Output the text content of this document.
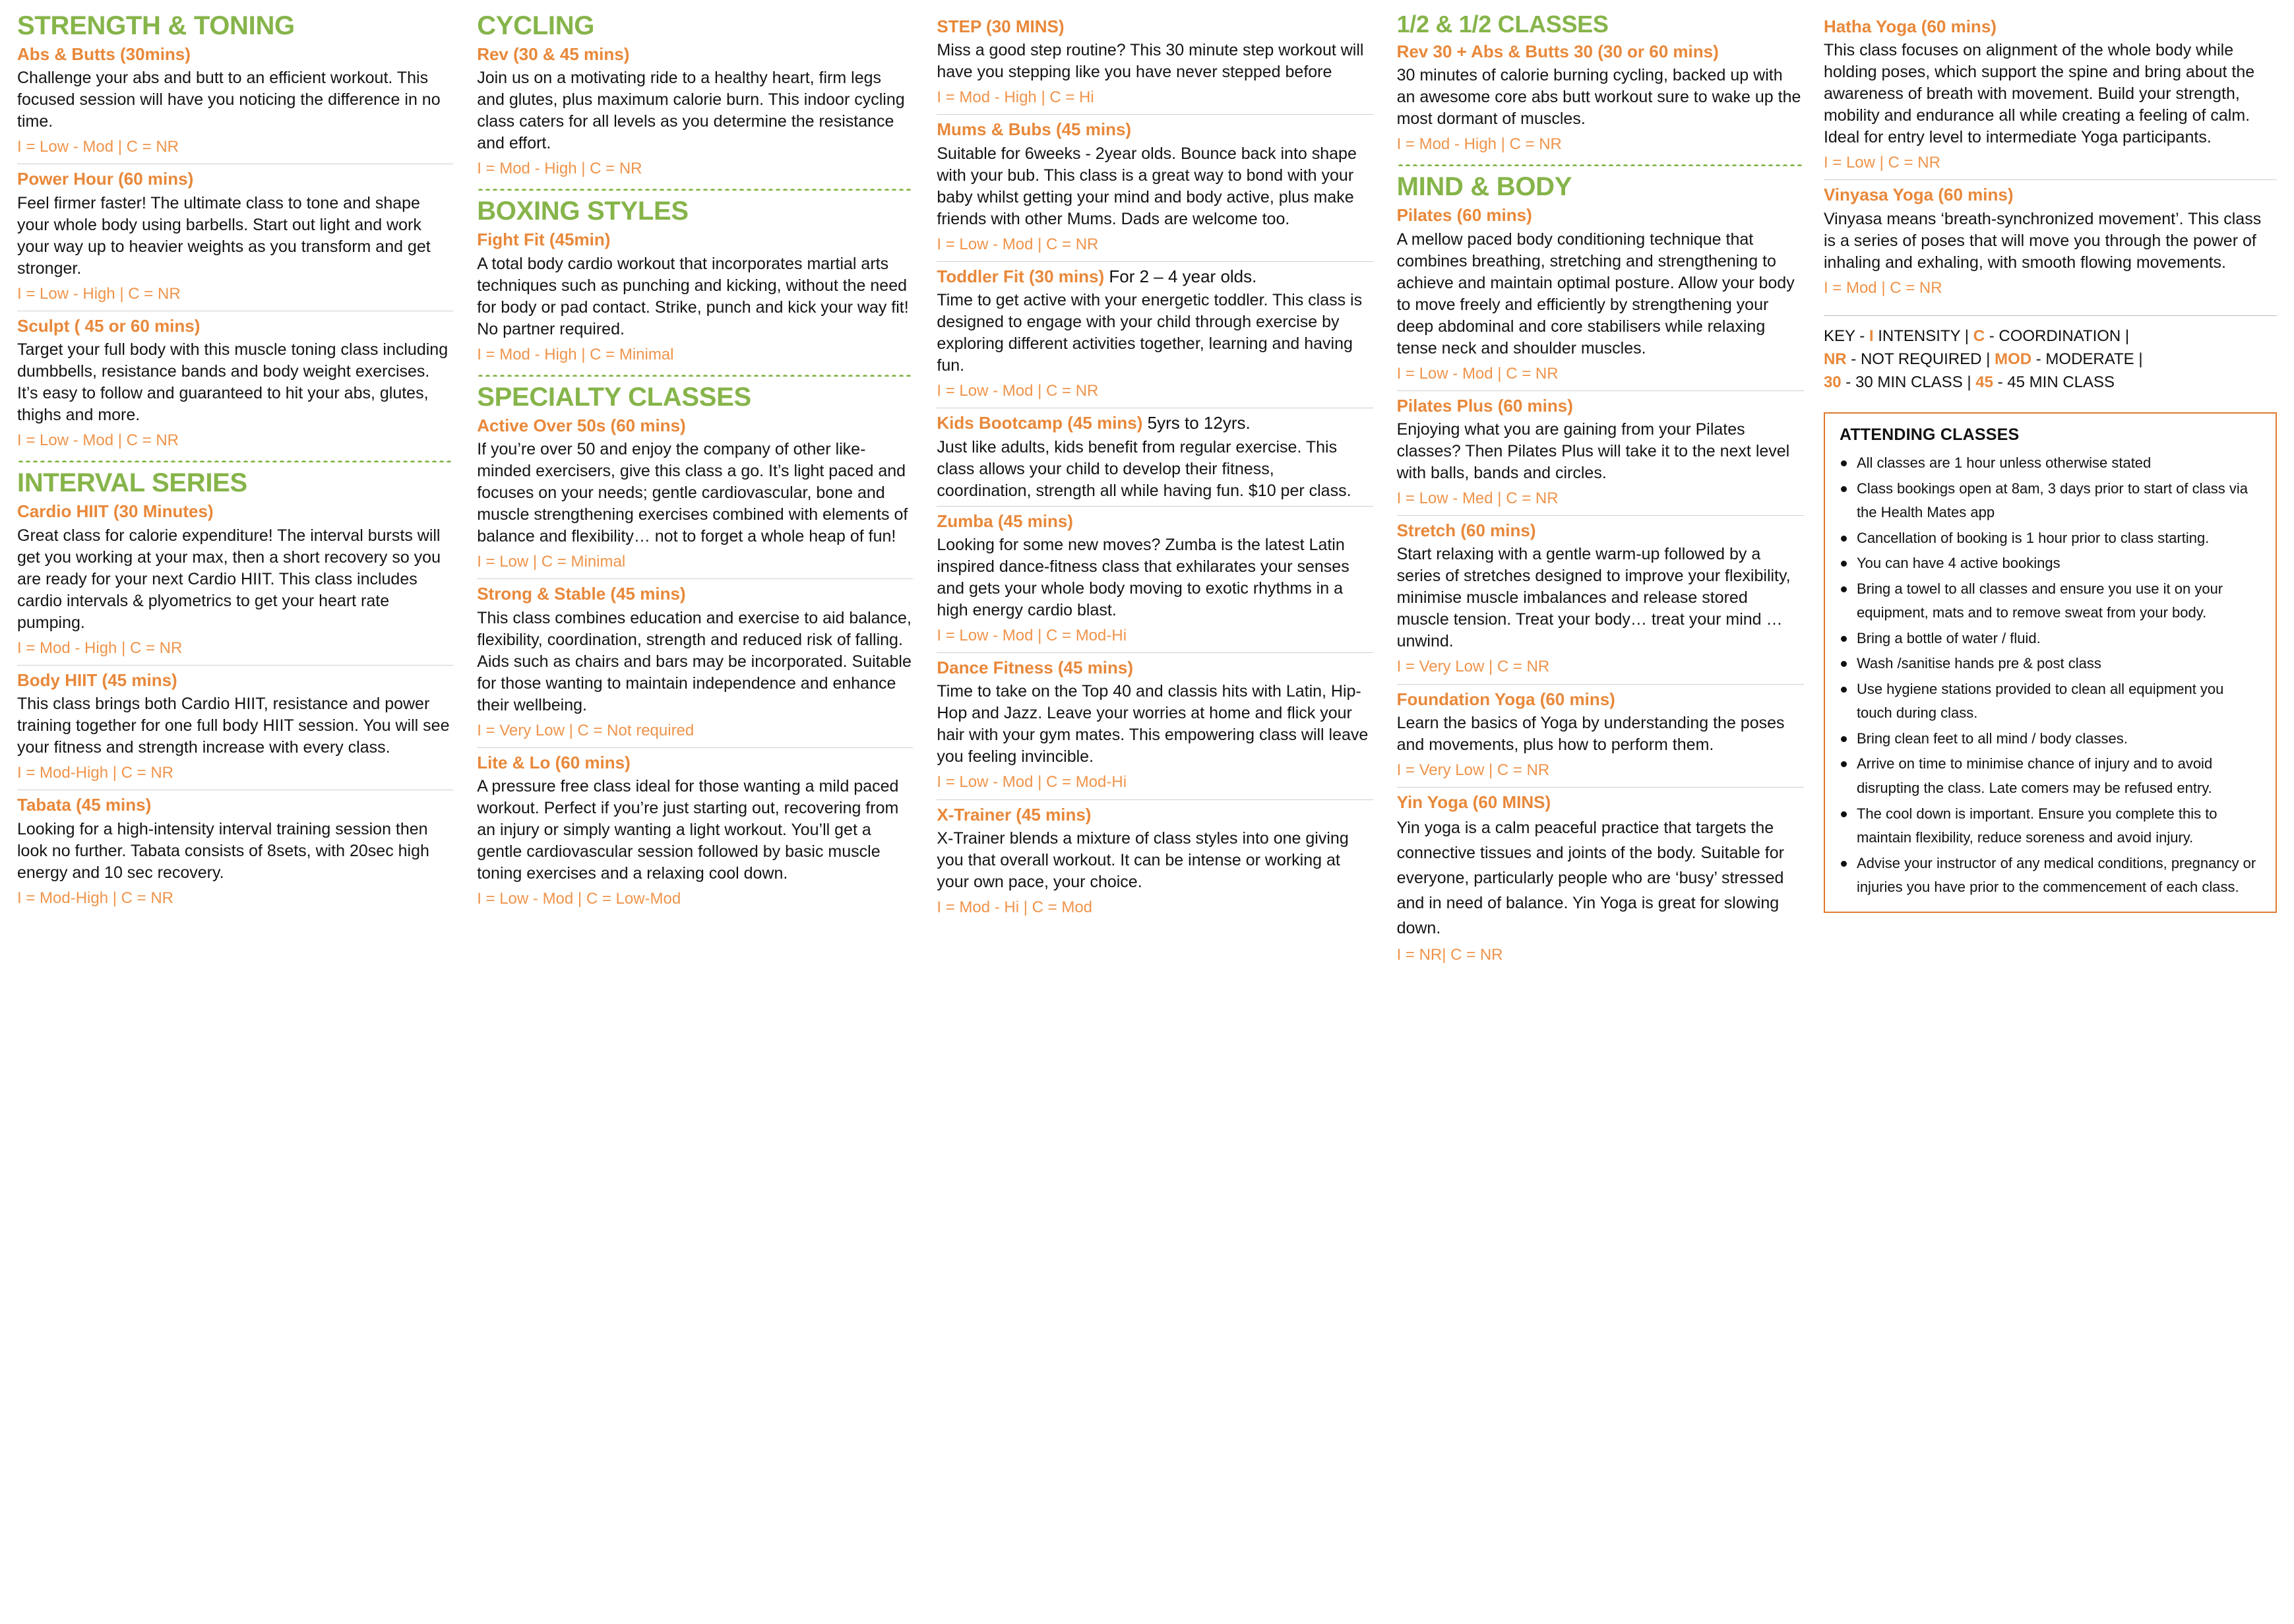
STRENGTH & TONING
Abs & Butts (30mins)
Challenge your abs and butt to an efficient workout. This focused session will have you noticing the difference in no time.
I = Low - Mod | C = NR
Power Hour (60 mins)
Feel firmer faster! The ultimate class to tone and shape your whole body using barbells. Start out light and work your way up to heavier weights as you transform and get stronger.
I = Low - High | C = NR
Sculpt ( 45 or 60 mins)
Target your full body with this muscle toning class including dumbbells, resistance bands and body weight exercises. It’s easy to follow and guaranteed to hit your abs, glutes, thighs and more.
I = Low - Mod | C = NR
INTERVAL SERIES
Cardio HIIT (30 Minutes)
Great class for calorie expenditure! The interval bursts will get you working at your max, then a short recovery so you are ready for your next Cardio HIIT. This class includes cardio intervals & plyometrics to get your heart rate pumping.
I = Mod - High | C = NR
Body HIIT (45 mins)
This class brings both Cardio HIIT, resistance and power training together for one full body HIIT session. You will see your fitness and strength increase with every class.
I = Mod-High | C = NR
Tabata (45 mins)
Looking for a high-intensity interval training session then look no further. Tabata consists of 8sets, with 20sec high energy and 10 sec recovery.
I = Mod-High | C = NR
CYCLING
Rev (30 & 45 mins)
Join us on a motivating ride to a healthy heart, firm legs and glutes, plus maximum calorie burn. This indoor cycling class caters for all levels as you determine the resistance and effort.
I = Mod - High | C = NR
BOXING STYLES
Fight Fit (45min)
A total body cardio workout that incorporates martial arts techniques such as punching and kicking, without the need for body or pad contact. Strike, punch and kick your way fit! No partner required.
I = Mod - High | C = Minimal
SPECIALTY CLASSES
Active Over 50s (60 mins)
If you’re over 50 and enjoy the company of other like-minded exercisers, give this class a go. It’s light paced and focuses on your needs; gentle cardiovascular, bone and muscle strengthening exercises combined with elements of balance and flexibility… not to forget a whole heap of fun!
I = Low | C = Minimal
Strong & Stable (45 mins)
This class combines education and exercise to aid balance, flexibility, coordination, strength and reduced risk of falling. Aids such as chairs and bars may be incorporated. Suitable for those wanting to maintain independence and enhance their wellbeing.
I = Very Low | C = Not required
Lite & Lo (60 mins)
A pressure free class ideal for those wanting a mild paced workout. Perfect if you’re just starting out, recovering from an injury or simply wanting a light workout. You’ll get a gentle cardiovascular session followed by basic muscle toning exercises and a relaxing cool down.
I = Low - Mod | C = Low-Mod
STEP (30 MINS)
Miss a good step routine? This 30 minute step workout will have you stepping like you have never stepped before
I = Mod - High | C = Hi
Mums & Bubs (45 mins)
Suitable for 6weeks - 2year olds. Bounce back into shape with your bub. This class is a great way to bond with your baby whilst getting your mind and body active, plus make friends with other Mums. Dads are welcome too.
I = Low - Mod | C = NR
Toddler Fit (30 mins) For 2 – 4 year olds.
Time to get active with your energetic toddler. This class is designed to engage with your child through exercise by exploring different activities together, learning and having fun.
I = Low - Mod | C = NR
Kids Bootcamp (45 mins) 5yrs to 12yrs.
Just like adults, kids benefit from regular exercise. This class allows your child to develop their fitness, coordination, strength all while having fun. $10 per class.
Zumba (45 mins)
Looking for some new moves? Zumba is the latest Latin inspired dance-fitness class that exhilarates your senses and gets your whole body moving to exotic rhythms in a high energy cardio blast.
I = Low - Mod | C = Mod-Hi
Dance Fitness (45 mins)
Time to take on the Top 40 and classis hits with Latin, Hip-Hop and Jazz. Leave your worries at home and flick your hair with your gym mates. This empowering class will leave you feeling invincible.
I = Low - Mod | C = Mod-Hi
X-Trainer (45 mins)
X-Trainer blends a mixture of class styles into one giving you that overall workout. It can be intense or working at your own pace, your choice.
I = Mod - Hi | C = Mod
1/2 & 1/2 CLASSES
Rev 30 + Abs & Butts 30 (30 or 60 mins)
30 minutes of calorie burning cycling, backed up with an awesome core abs butt workout sure to wake up the most dormant of muscles.
I = Mod - High | C = NR
MIND & BODY
Pilates (60 mins)
A mellow paced body conditioning technique that combines breathing, stretching and strengthening to achieve and maintain optimal posture. Allow your body to move freely and efficiently by strengthening your deep abdominal and core stabilisers while relaxing tense neck and shoulder muscles.
I = Low - Mod | C = NR
Pilates Plus (60 mins)
Enjoying what you are gaining from your Pilates classes? Then Pilates Plus will take it to the next level with balls, bands and circles.
I = Low - Med | C = NR
Stretch (60 mins)
Start relaxing with a gentle warm-up followed by a series of stretches designed to improve your flexibility, minimise muscle imbalances and release stored muscle tension. Treat your body… treat your mind … unwind.
I = Very Low | C = NR
Foundation Yoga (60 mins)
Learn the basics of Yoga by understanding the poses and movements, plus how to perform them.
I = Very Low | C = NR
Yin Yoga (60 MINS)
Yin yoga is a calm peaceful practice that targets the connective tissues and joints of the body. Suitable for everyone, particularly people who are ‘busy’ stressed and in need of balance. Yin Yoga is great for slowing down.
I = NR| C = NR
Hatha Yoga (60 mins)
This class focuses on alignment of the whole body while holding poses, which support the spine and bring about the awareness of breath with movement. Build your strength, mobility and endurance all while creating a feeling of calm. Ideal for entry level to intermediate Yoga participants.
I = Low | C = NR
Vinyasa Yoga (60 mins)
Vinyasa means ‘breath-synchronized movement’. This class is a series of poses that will move you through the power of inhaling and exhaling, with smooth flowing movements.
I = Mod | C = NR
KEY - I INTENSITY | C - COORDINATION |
NR - NOT REQUIRED | MOD - MODERATE |
30 - 30 MIN CLASS | 45 - 45 MIN CLASS
ATTENDING CLASSES
All classes are 1 hour unless otherwise stated
Class bookings open at 8am, 3 days prior to start of class via the Health Mates app
Cancellation of booking is 1 hour prior to class starting.
You can have 4 active bookings
Bring a towel to all classes and ensure you use it on your equipment, mats and to remove sweat from your body.
Bring a bottle of water / fluid.
Wash /sanitise hands pre & post class
Use hygiene stations provided to clean all equipment you touch during class.
Bring clean feet to all mind / body classes.
Arrive on time to minimise chance of injury and to avoid disrupting the class. Late comers may be refused entry.
The cool down is important. Ensure you complete this to maintain flexibility, reduce soreness and avoid injury.
Advise your instructor of any medical conditions, pregnancy or injuries you have prior to the commencement of each class.
